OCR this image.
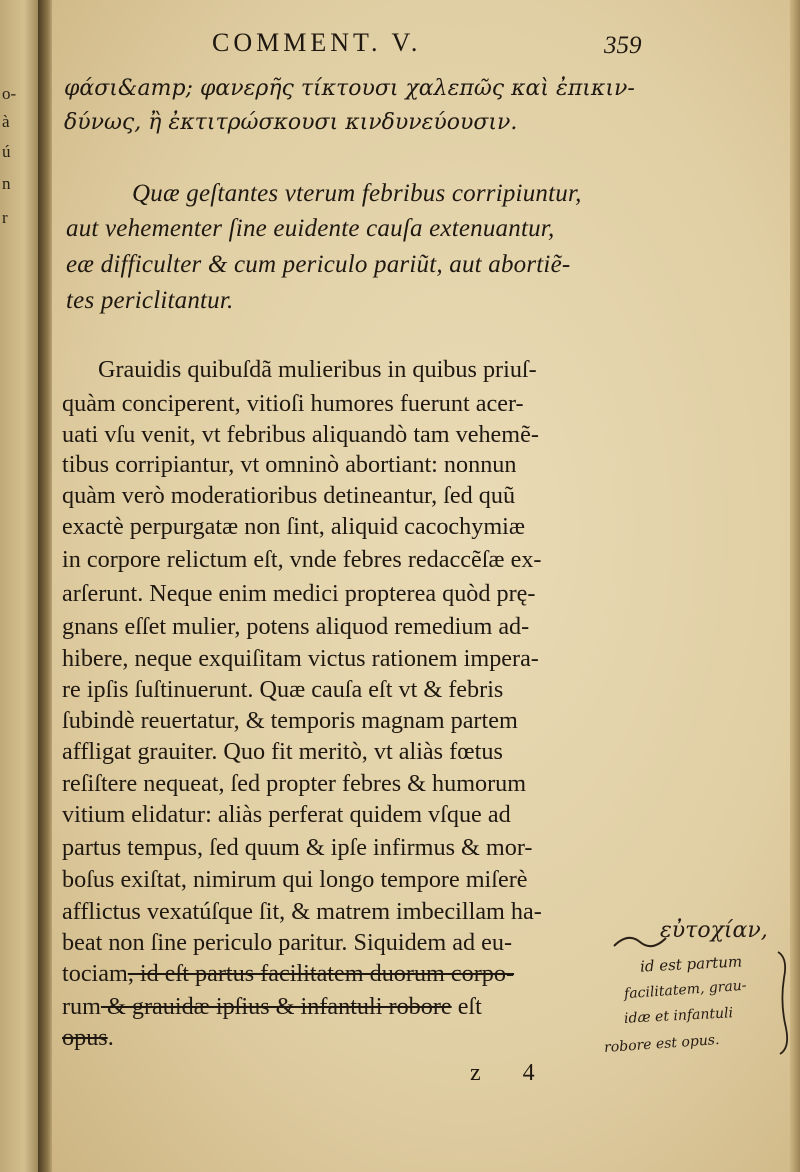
o-
à
ú
n
r
COMMENT. V.	359
φάσι&amp; φανερῆς τίκτουσι χαλεπῶς καὶ ἐπικιν-
δύνως, ἢ ἐκτιτρώσκουσι κινδυνεύουσιν.
Quæ geſtantes vterum febribus corripiuntur,
aut vehementer ſine euidente cauſa extenuantur,
eæ difficulter & cum periculo pariũt, aut abortiẽ-
tes periclitantur.
Grauidis quibuſdã mulieribus in quibus priuſ-
quàm conciperent, vitioſi humores fuerunt acer-
uati vſu venit, vt febribus aliquandò tam vehemẽ-
tibus corripiantur, vt omninò abortiant: nonnun
quàm verò moderatioribus detineantur, ſed quũ
exactè perpurgatæ non ſint, aliquid cacochymiæ
in corpore relictum eſt, vnde febres redaccẽſæ ex-
arſerunt. Neque enim medici propterea quòd prę-
gnans eſſet mulier, potens aliquod remedium ad-
hibere, neque exquiſitam victus rationem impera-
re ipſis ſuſtinuerunt. Quæ cauſa eſt vt & febris
ſubindè reuertatur, & temporis magnam partem
affligat grauiter. Quo fit meritò, vt aliàs fœtus
reſiſtere nequeat, ſed propter febres & humorum
vitium elidatur: aliàs perferat quidem vſque ad
partus tempus, ſed quum & ipſe infirmus & mor-
boſus exiſtat, nimirum qui longo tempore miſerè
afflictus vexatúſque ſit, & matrem imbecillam ha-
beat non ſine periculo paritur. Siquidem ad eu-
tociam, id eſt partus facilitatem duorum corpo-
rum & grauidæ ipſius & infantuli robore eſt
opus.
z 4
εὐτοχίαν,
id est partum
facilitatem, grau-
idæ et infantuli
robore est opus.
